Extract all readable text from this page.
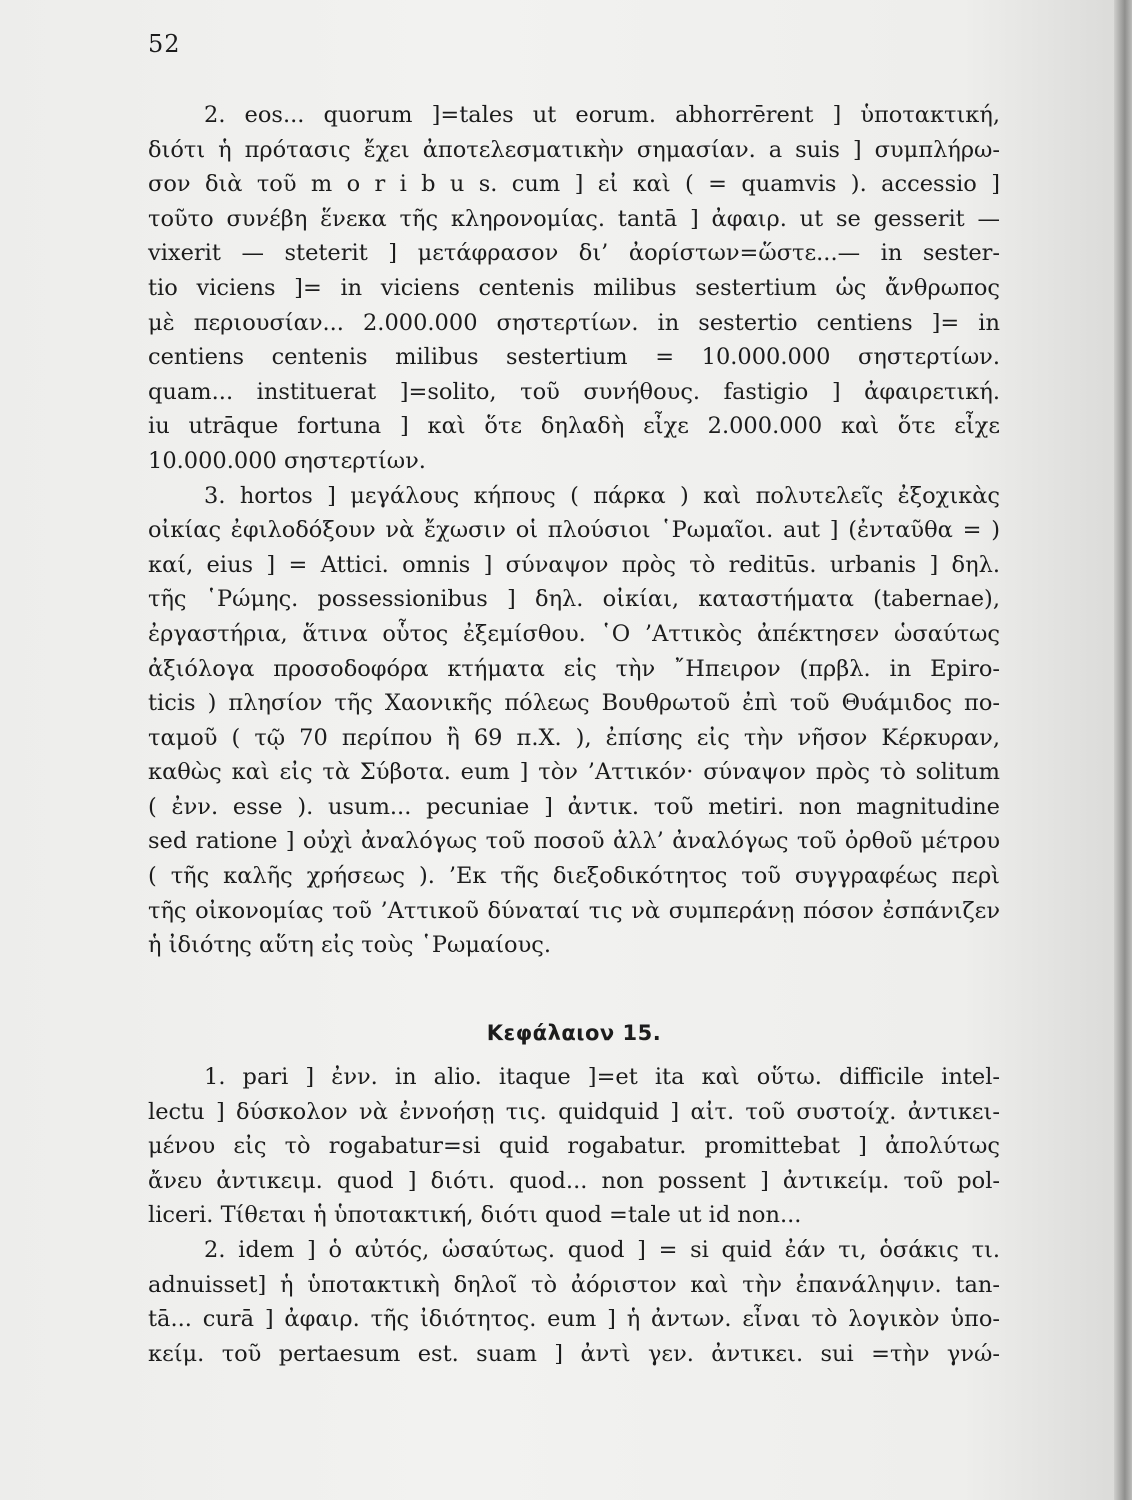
52
2. eos... quorum ]=tales ut eorum. abhorrērent ] ὑποτακτική,
διότι ἡ πρότασις ἔχει ἀποτελεσματικὴν σημασίαν. a suis ] συμπλήρω-
σον διὰ τοῦ m o r i b u s. cum ] εἰ καὶ ( = quamvis ). accessio ]
τοῦτο συνέβη ἕνεκα τῆς κληρονομίας. tantā ] ἀφαιρ. ut se gesserit —
vixerit — steterit ] μετάφρασον δι’ ἀορίστων=ὥστε...— in sester-
tio viciens ]= in viciens centenis milibus sestertium ὡς ἄνθρωπος
μὲ περιουσίαν... 2.000.000 σηστερτίων. in sestertio centiens ]= in
centiens centenis milibus sestertium = 10.000.000 σηστερτίων.
quam... instituerat ]=solito, τοῦ συνήθους. fastigio ] ἀφαιρετική.
iu utrāque fortuna ] καὶ ὅτε δηλαδὴ εἶχε 2.000.000 καὶ ὅτε εἶχε
10.000.000 σηστερτίων.
3. hortos ] μεγάλους κήπους ( πάρκα ) καὶ πολυτελεῖς ἐξοχικὰς
οἰκίας ἐφιλοδόξουν νὰ ἔχωσιν οἱ πλούσιοι ῾Ρωμαῖοι. aut ] (ἐνταῦθα = )
καί, eius ] = Attici. omnis ] σύναψον πρὸς τὸ reditūs. urbanis ] δηλ.
τῆς ῾Ρώμης. possessionibus ] δηλ. οἰκίαι, καταστήματα (tabernae),
ἐργαστήρια, ἅτινα οὗτος ἐξεμίσθου. ῾Ο ’Αττικὸς ἀπέκτησεν ὡσαύτως
ἀξιόλογα προσοδοφόρα κτήματα εἰς τὴν ῎Ηπειρον (πρβλ. in Epiro-
ticis ) πλησίον τῆς Χαονικῆς πόλεως Βουθρωτοῦ ἐπὶ τοῦ Θυάμιδος πο-
ταμοῦ ( τῷ 70 περίπου ἢ 69 π.Χ. ), ἐπίσης εἰς τὴν νῆσον Κέρκυραν,
καθὼς καὶ εἰς τὰ Σύβοτα. eum ] τὸν ’Αττικόν· σύναψον πρὸς τὸ solitum
( ἐνν. esse ). usum... pecuniae ] ἀντικ. τοῦ metiri. non magnitudine
sed ratione ] οὐχὶ ἀναλόγως τοῦ ποσοῦ ἀλλ’ ἀναλόγως τοῦ ὀρθοῦ μέτρου
( τῆς καλῆς χρήσεως ). ’Εκ τῆς διεξοδικότητος τοῦ συγγραφέως περὶ
τῆς οἰκονομίας τοῦ ’Αττικοῦ δύναταί τις νὰ συμπεράνῃ πόσον ἐσπάνιζεν
ἡ ἰδιότης αὕτη εἰς τοὺς ῾Ρωμαίους.
Κεφάλαιον 15.
1. pari ] ἐνν. in alio. itaque ]=et ita καὶ οὕτω. difficile intel-
lectu ] δύσκολον νὰ ἐννοήσῃ τις. quidquid ] αἰτ. τοῦ συστοίχ. ἀντικει-
μένου εἰς τὸ rogabatur=si quid rogabatur. promittebat ] ἀπολύτως
ἄνευ ἀντικειμ. quod ] διότι. quod... non possent ] ἀντικείμ. τοῦ pol-
liceri. Τίθεται ἡ ὑποτακτική, διότι quod =tale ut id non...
2. idem ] ὁ αὐτός, ὡσαύτως. quod ] = si quid ἐάν τι, ὁσάκις τι.
adnuisset] ἡ ὑποτακτικὴ δηλοῖ τὸ ἀόριστον καὶ τὴν ἐπανάληψιν. tan-
tā... curā ] ἀφαιρ. τῆς ἰδιότητος. eum ] ἡ ἀντων. εἶναι τὸ λογικὸν ὑπο-
κείμ. τοῦ pertaesum est. suam ] ἀντὶ γεν. ἀντικει. sui =τὴν γνώ-
